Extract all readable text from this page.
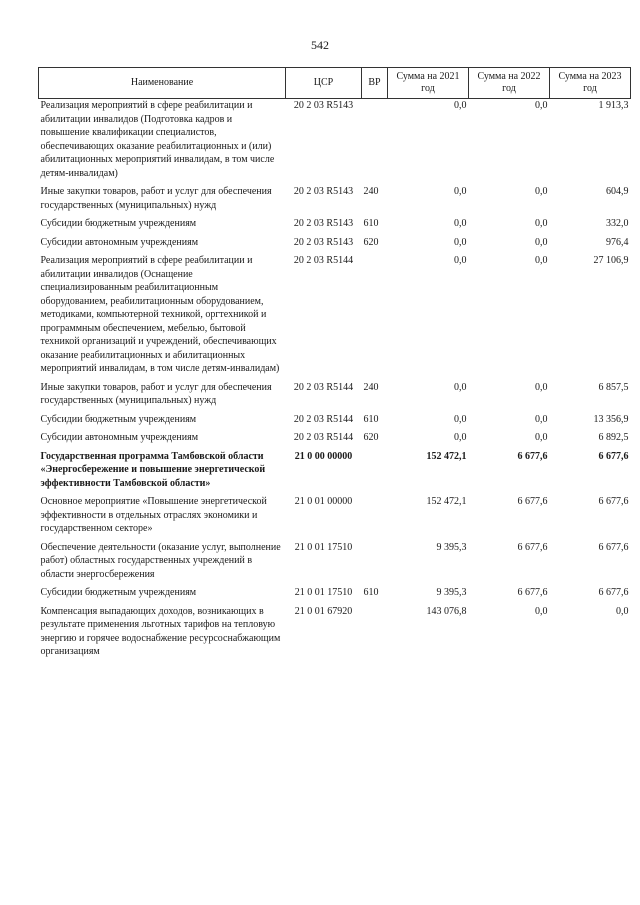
542
Наименование	ЦСР	ВР	Сумма на 2021 год	Сумма на 2022 год	Сумма на 2023 год
Реализация мероприятий в сфере реабилитации и абилитации инвалидов (Подготовка кадров и повышение квалификации специалистов, обеспечивающих оказание реабилитационных и (или) абилитационных мероприятий инвалидам, в том числе детям-инвалидам)	20 2 03 R5143		0,0	0,0	1 913,3
Иные закупки товаров, работ и услуг для обеспечения государственных (муниципальных) нужд	20 2 03 R5143	240	0,0	0,0	604,9
Субсидии бюджетным учреждениям	20 2 03 R5143	610	0,0	0,0	332,0
Субсидии автономным учреждениям	20 2 03 R5143	620	0,0	0,0	976,4
Реализация мероприятий в сфере реабилитации и абилитации инвалидов (Оснащение специализированным реабилитационным оборудованием, реабилитационным оборудованием, методиками, компьютерной техникой, оргтехникой и программным обеспечением, мебелью, бытовой техникой организаций и учреждений, обеспечивающих оказание реабилитационных и абилитационных мероприятий инвалидам, в том числе детям-инвалидам)	20 2 03 R5144		0,0	0,0	27 106,9
Иные закупки товаров, работ и услуг для обеспечения государственных (муниципальных) нужд	20 2 03 R5144	240	0,0	0,0	6 857,5
Субсидии бюджетным учреждениям	20 2 03 R5144	610	0,0	0,0	13 356,9
Субсидии автономным учреждениям	20 2 03 R5144	620	0,0	0,0	6 892,5
Государственная программа Тамбовской области «Энергосбережение и повышение энергетической эффективности Тамбовской области»	21 0 00 00000		152 472,1	6 677,6	6 677,6
Основное мероприятие «Повышение энергетической эффективности в отдельных отраслях экономики и государственном секторе»	21 0 01 00000		152 472,1	6 677,6	6 677,6
Обеспечение деятельности (оказание услуг, выполнение работ) областных государственных учреждений в области энергосбережения	21 0 01 17510		9 395,3	6 677,6	6 677,6
Субсидии бюджетным учреждениям	21 0 01 17510	610	9 395,3	6 677,6	6 677,6
Компенсация выпадающих доходов, возникающих в результате применения льготных тарифов на тепловую энергию и горячее водоснабжение ресурсоснабжающим организациям	21 0 01 67920		143 076,8	0,0	0,0
